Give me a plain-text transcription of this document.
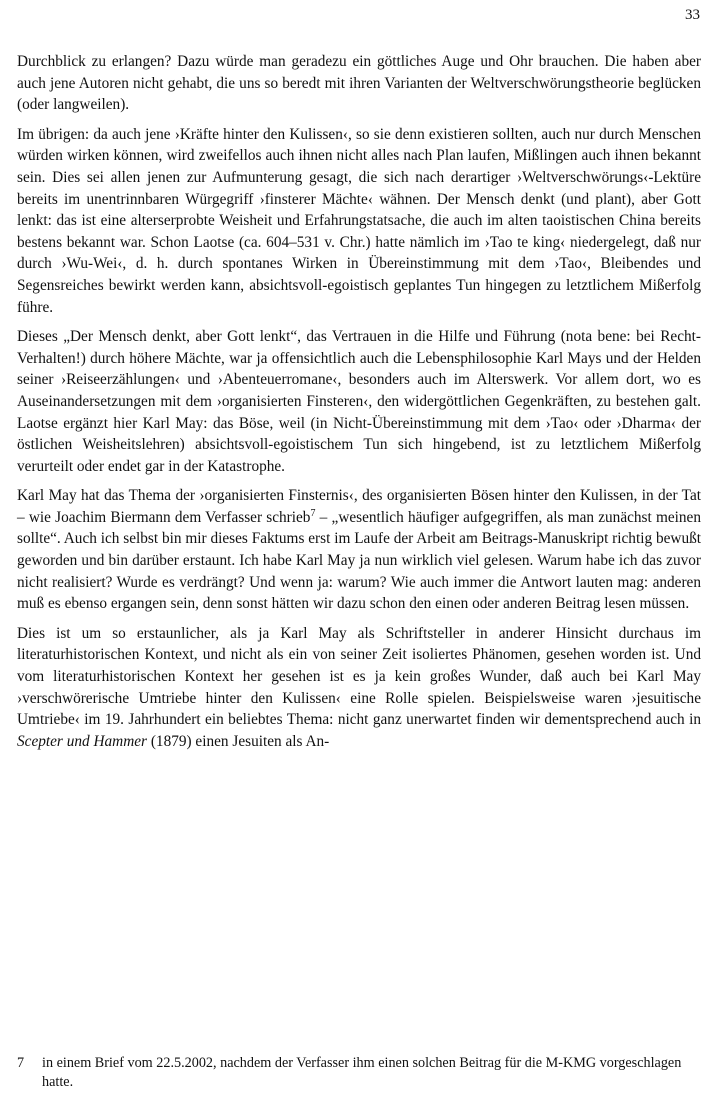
33

Durchblick zu erlangen? Dazu würde man geradezu ein göttliches Auge und Ohr brauchen. Die haben aber auch jene Autoren nicht gehabt, die uns so beredt mit ihren Varianten der Weltverschwörungstheorie beglücken (oder langweilen).

Im übrigen: da auch jene ›Kräfte hinter den Kulissen‹, so sie denn existieren sollten, auch nur durch Menschen würden wirken können, wird zweifellos auch ihnen nicht alles nach Plan laufen, Mißlingen auch ihnen bekannt sein. Dies sei allen jenen zur Aufmunterung gesagt, die sich nach derartiger ›Weltverschwörungs‹-Lektüre bereits im unentrinnbaren Würgegriff ›finsterer Mächte‹ wähnen. Der Mensch denkt (und plant), aber Gott lenkt: das ist eine alterserprobte Weisheit und Erfahrungstatsache, die auch im alten taoistischen China bereits bestens bekannt war. Schon Laotse (ca. 604–531 v. Chr.) hatte nämlich im ›Tao te king‹ niedergelegt, daß nur durch ›Wu-Wei‹, d. h. durch spontanes Wirken in Übereinstimmung mit dem ›Tao‹, Bleibendes und Segensreiches bewirkt werden kann, absichtsvoll-egoistisch geplantes Tun hingegen zu letztlichem Mißerfolg führe.

Dieses „Der Mensch denkt, aber Gott lenkt“, das Vertrauen in die Hilfe und Führung (nota bene: bei Recht-Verhalten!) durch höhere Mächte, war ja offensichtlich auch die Lebensphilosophie Karl Mays und der Helden seiner ›Reiseerzählungen‹ und ›Abenteuerromane‹, besonders auch im Alterswerk. Vor allem dort, wo es Auseinandersetzungen mit dem ›organisierten Finsteren‹, den widergöttlichen Gegenkräften, zu bestehen galt. Laotse ergänzt hier Karl May: das Böse, weil (in Nicht-Übereinstimmung mit dem ›Tao‹ oder ›Dharma‹ der östlichen Weisheitslehren) absichtsvoll-egoistischem Tun sich hingebend, ist zu letztlichem Mißerfolg verurteilt oder endet gar in der Katastrophe.

Karl May hat das Thema der ›organisierten Finsternis‹, des organisierten Bösen hinter den Kulissen, in der Tat – wie Joachim Biermann dem Verfasser schrieb$^7$ – „wesentlich häufiger aufgegriffen, als man zunächst meinen sollte“. Auch ich selbst bin mir dieses Faktums erst im Laufe der Arbeit am Beitrags-Manuskript richtig bewußt geworden und bin darüber erstaunt. Ich habe Karl May ja nun wirklich viel gelesen. Warum habe ich das zuvor nicht realisiert? Wurde es verdrängt? Und wenn ja: warum? Wie auch immer die Antwort lauten mag: anderen muß es ebenso ergangen sein, denn sonst hätten wir dazu schon den einen oder anderen Beitrag lesen müssen.

Dies ist um so erstaunlicher, als ja Karl May als Schriftsteller in anderer Hinsicht durchaus im literaturhistorischen Kontext, und nicht als ein von seiner Zeit isoliertes Phänomen, gesehen worden ist. Und vom literaturhistorischen Kontext her gesehen ist es ja kein großes Wunder, daß auch bei Karl May ›verschwörerische Umtriebe hinter den Kulissen‹ eine Rolle spielen. Beispielsweise waren ›jesuitische Umtriebe‹ im 19. Jahrhundert ein beliebtes Thema: nicht ganz unerwartet finden wir dementsprechend auch in Scepter und Hammer (1879) einen Jesuiten als An-

7	in einem Brief vom 22.5.2002, nachdem der Verfasser ihm einen solchen Beitrag für die M-KMG vorgeschlagen hatte.
